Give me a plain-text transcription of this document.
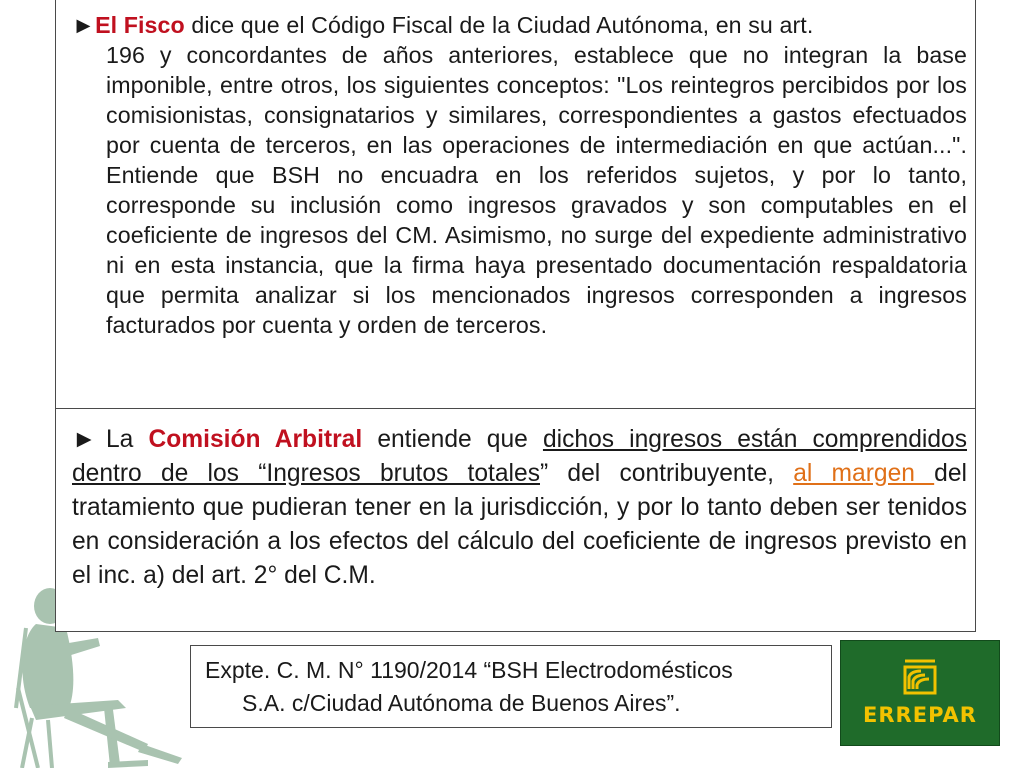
►El Fisco dice que el Código Fiscal de la Ciudad Autónoma, en su art.
196 y concordantes de años anteriores, establece que no integran la base imponible, entre otros, los siguientes conceptos: "Los reintegros percibidos por los comisionistas, consignatarios y similares, correspondientes a gastos efectuados por cuenta de terceros, en las operaciones de intermediación en que actúan...". Entiende que BSH no encuadra en los referidos sujetos, y por lo tanto, corresponde su inclusión como ingresos gravados y son computables en el coeficiente de ingresos del CM. Asimismo, no surge del expediente administrativo ni en esta instancia, que la firma haya presentado documentación respaldatoria que permita analizar si los mencionados ingresos corresponden a ingresos facturados por cuenta y orden de terceros.
► La Comisión Arbitral entiende que dichos ingresos están comprendidos dentro de los “Ingresos brutos totales” del contribuyente, al margen del tratamiento que pudieran tener en la jurisdicción, y por lo tanto deben ser tenidos en consideración a los efectos del cálculo del coeficiente de ingresos previsto en el inc. a) del art. 2° del C.M.
Expte. C. M. N° 1190/2014 “BSH Electrodomésticos
S.A. c/Ciudad Autónoma de Buenos Aires”.	ERREPAR
